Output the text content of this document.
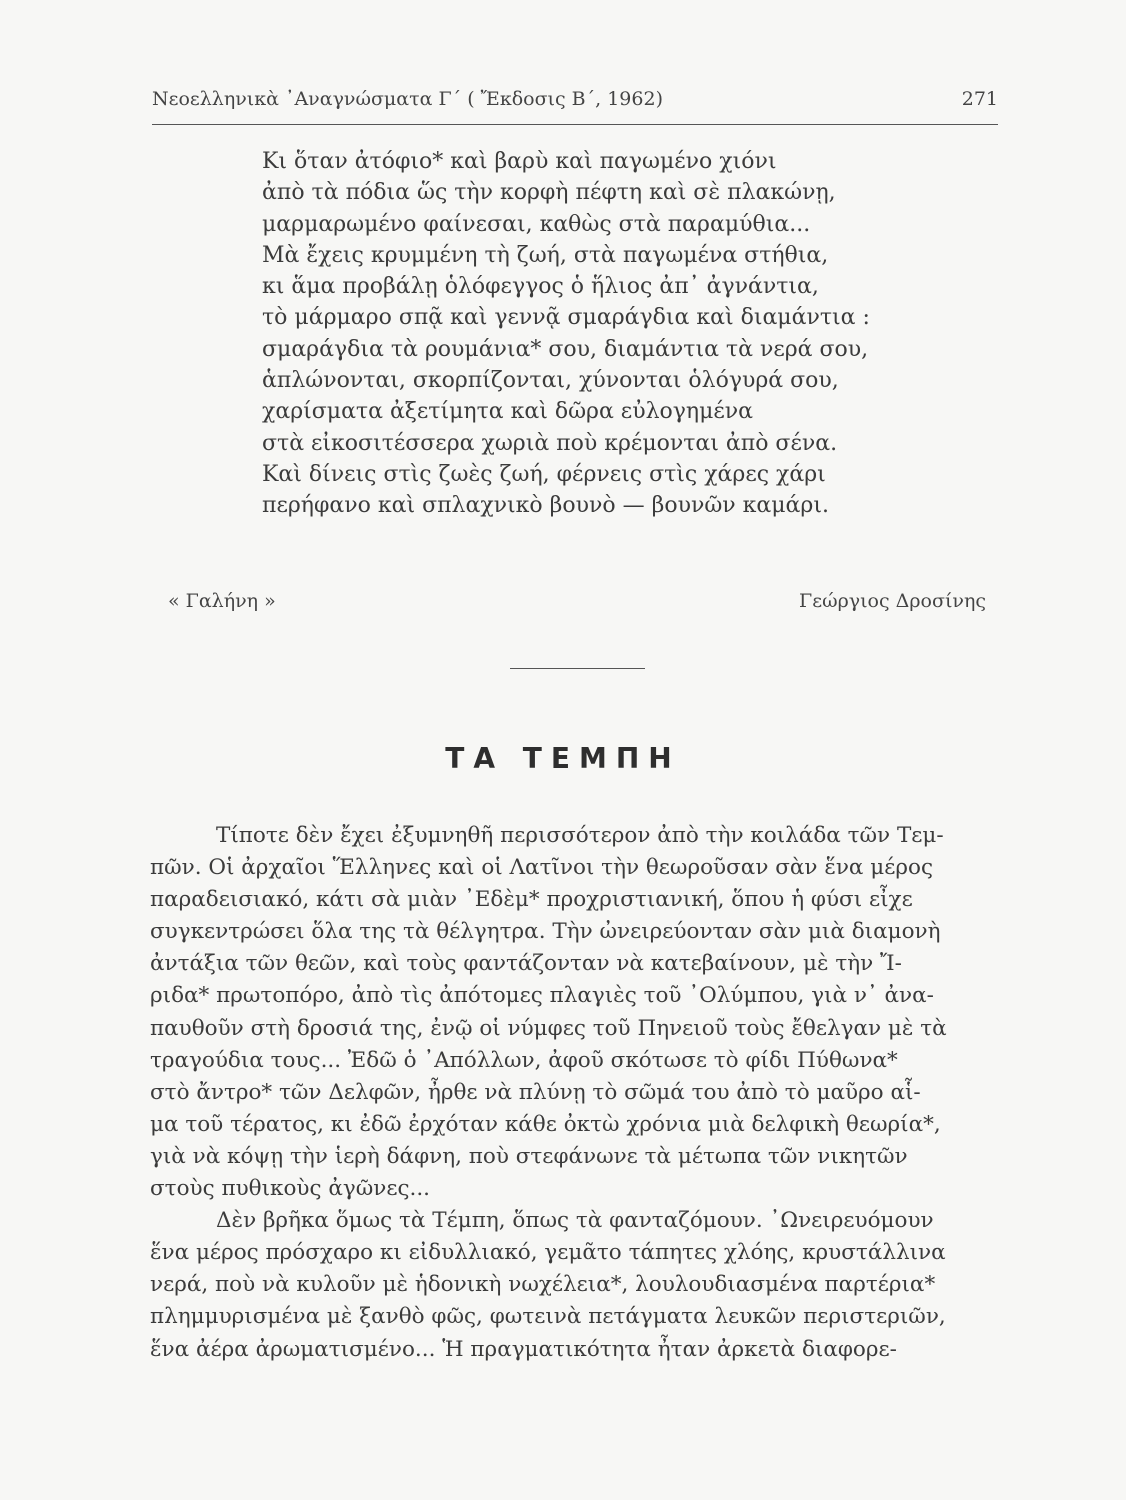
Νεοελληνικὰ ᾿Αναγνώσματα Γ΄ ( Ἔκδοσις Β΄, 1962)	271
Κι ὅταν ἀτόφιο* καὶ βαρὺ καὶ παγωμένο χιόνι
ἀπὸ τὰ πόδια ὥς τὴν κορφὴ πέφτη καὶ σὲ πλακώνῃ,
μαρμαρωμένο φαίνεσαι, καθὼς στὰ παραμύθια...
Μὰ ἔχεις κρυμμένη τὴ ζωή, στὰ παγωμένα στήθια,
κι ἅμα προβάλῃ ὁλόφεγγος ὁ ἥλιος ἀπ᾿ ἀγνάντια,
τὸ μάρμαρο σπᾷ καὶ γεννᾷ σμαράγδια καὶ διαμάντια :
σμαράγδια τὰ ρουμάνια* σου, διαμάντια τὰ νερά σου,
ἁπλώνονται, σκορπίζονται, χύνονται ὁλόγυρά σου,
χαρίσματα ἀξετίμητα καὶ δῶρα εὐλογημένα
στὰ εἰκοσιτέσσερα χωριὰ ποὺ κρέμονται ἀπὸ σένα.
Καὶ δίνεις στὶς ζωὲς ζωή, φέρνεις στὶς χάρες χάρι
περήφανο καὶ σπλαχνικὸ βουνὸ — βουνῶν καμάρι.
« Γαλήνη »	Γεώργιος Δροσίνης
ΤΑ ΤΕΜΠΗ
Τίποτε δὲν ἔχει ἐξυμνηθῆ περισσότερον ἀπὸ τὴν κοιλάδα τῶν Τεμ-
πῶν. Οἱ ἀρχαῖοι Ἕλληνες καὶ οἱ Λατῖνοι τὴν θεωροῦσαν σὰν ἕνα μέρος
παραδεισιακό, κάτι σὰ μιὰν ᾿Εδὲμ* προχριστιανική, ὅπου ἡ φύσι εἶχε
συγκεντρώσει ὅλα της τὰ θέλγητρα. Τὴν ὠνειρεύονταν σὰν μιὰ διαμονὴ
ἀντάξια τῶν θεῶν, καὶ τοὺς φαντάζονταν νὰ κατεβαίνουν, μὲ τὴν Ἴ-
ριδα* πρωτοπόρο, ἀπὸ τὶς ἀπότομες πλαγιὲς τοῦ ᾿Ολύμπου, γιὰ ν᾿ ἀνα-
παυθοῦν στὴ δροσιά της, ἐνῷ οἱ νύμφες τοῦ Πηνειοῦ τοὺς ἔθελγαν μὲ τὰ
τραγούδια τους... Ἐδῶ ὁ ᾿Απόλλων, ἀφοῦ σκότωσε τὸ φίδι Πύθωνα*
στὸ ἄντρο* τῶν Δελφῶν, ἦρθε νὰ πλύνῃ τὸ σῶμά του ἀπὸ τὸ μαῦρο αἷ-
μα τοῦ τέρατος, κι ἐδῶ ἐρχόταν κάθε ὀκτὼ χρόνια μιὰ δελφικὴ θεωρία*,
γιὰ νὰ κόψῃ τὴν ἱερὴ δάφνη, ποὺ στεφάνωνε τὰ μέτωπα τῶν νικητῶν
στοὺς πυθικοὺς ἀγῶνες...
Δὲν βρῆκα ὅμως τὰ Τέμπη, ὅπως τὰ φανταζόμουν. ᾿Ωνειρευόμουν
ἕνα μέρος πρόσχαρο κι εἰδυλλιακό, γεμᾶτο τάπητες χλόης, κρυστάλλινα
νερά, ποὺ νὰ κυλοῦν μὲ ἡδονικὴ νωχέλεια*, λουλουδιασμένα παρτέρια*
πλημμυρισμένα μὲ ξανθὸ φῶς, φωτεινὰ πετάγματα λευκῶν περιστεριῶν,
ἕνα ἀέρα ἀρωματισμένο... Ἡ πραγματικότητα ἦταν ἀρκετὰ διαφορε-
